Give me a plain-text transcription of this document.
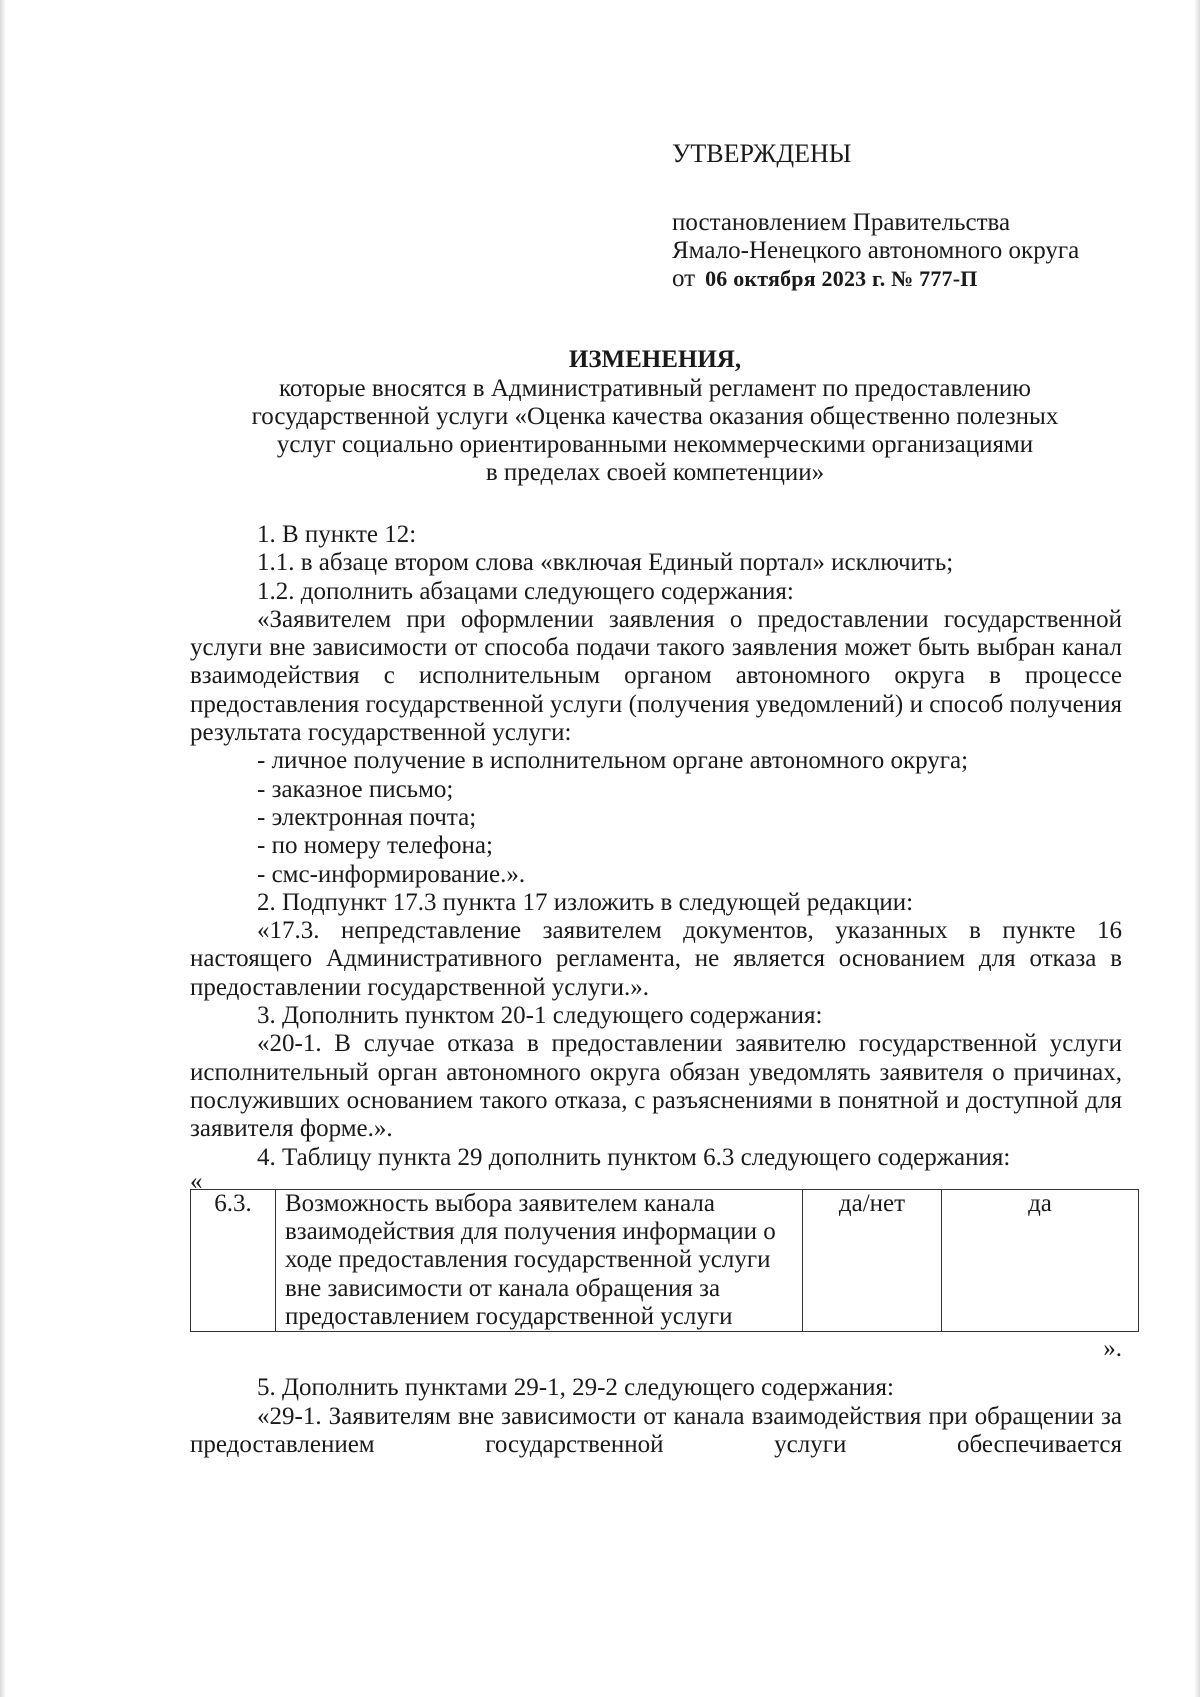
УТВЕРЖДЕНЫ
постановлением Правительства
Ямало-Ненецкого автономного округа
от 06 октября 2023 г. № 777-П
ИЗМЕНЕНИЯ,
которые вносятся в Административный регламент по предоставлению
государственной услуги «Оценка качества оказания общественно полезных
услуг социально ориентированными некоммерческими организациями
в пределах своей компетенции»

1. В пункте 12:

1.1. в абзаце втором слова «включая Единый портал» исключить;

1.2. дополнить абзацами следующего содержания:

«Заявителем при оформлении заявления о предоставлении государственной услуги вне зависимости от способа подачи такого заявления может быть выбран канал взаимодействия с исполнительным органом автономного округа в процессе предоставления государственной услуги (получения уведомлений) и способ получения результата государственной услуги:

- личное получение в исполнительном органе автономного округа;

- заказное письмо;

- электронная почта;

- по номеру телефона;

- смс-информирование.».

2. Подпункт 17.3 пункта 17 изложить в следующей редакции:

«17.3. непредставление заявителем документов, указанных в пункте 16 настоящего Административного регламента, не является основанием для отказа в предоставлении государственной услуги.».

3. Дополнить пунктом 20-1 следующего содержания:

«20-1. В случае отказа в предоставлении заявителю государственной услуги исполнительный орган автономного округа обязан уведомлять заявителя о причинах, послуживших основанием такого отказа, с разъяснениями в понятной и доступной для заявителя форме.».

4. Таблицу пункта 29 дополнить пунктом 6.3 следующего содержания:

«

6.3.	Возможность выбора заявителем канала взаимодействия для получения информации о ходе предоставления государственной услуги вне зависимости от канала обращения за предоставлением государственной услуги	да/нет	да

».

5. Дополнить пунктами 29-1, 29-2 следующего содержания:

«29-1. Заявителям вне зависимости от канала взаимодействия при обращении за предоставлением государственной услуги обеспечивается
